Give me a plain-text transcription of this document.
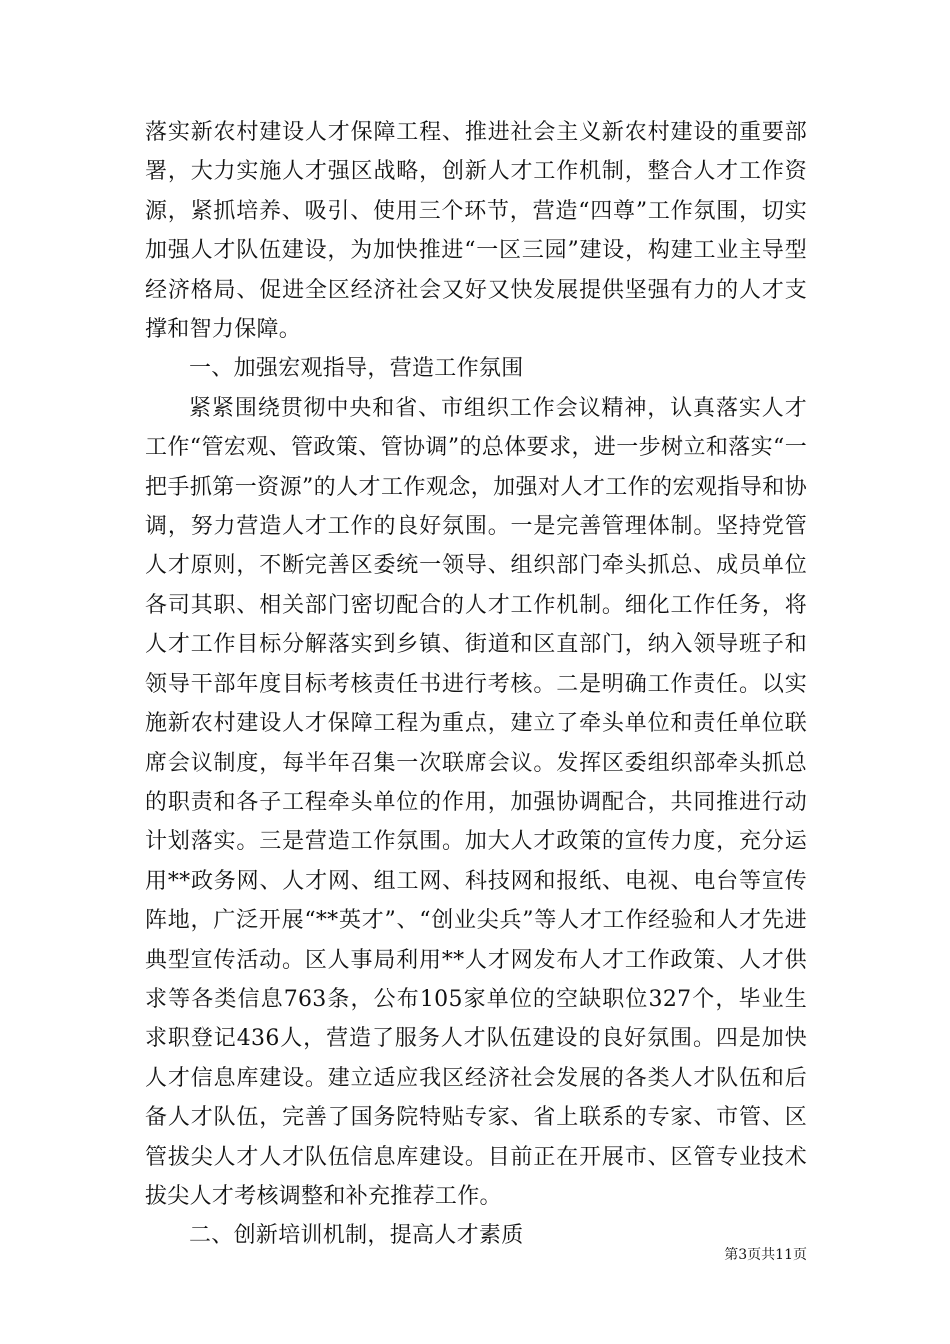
落实新农村建设人才保障工程、推进社会主义新农村建设的重要部署，大力实施人才强区战略，创新人才工作机制，整合人才工作资源，紧抓培养、吸引、使用三个环节，营造“四尊”工作氛围，切实加强人才队伍建设，为加快推进“一区三园”建设，构建工业主导型经济格局、促进全区经济社会又好又快发展提供坚强有力的人才支撑和智力保障。

一、加强宏观指导，营造工作氛围

紧紧围绕贯彻中央和省、市组织工作会议精神，认真落实人才工作“管宏观、管政策、管协调”的总体要求，进一步树立和落实“一把手抓第一资源”的人才工作观念，加强对人才工作的宏观指导和协调，努力营造人才工作的良好氛围。一是完善管理体制。坚持党管人才原则，不断完善区委统一领导、组织部门牵头抓总、成员单位各司其职、相关部门密切配合的人才工作机制。细化工作任务，将人才工作目标分解落实到乡镇、街道和区直部门，纳入领导班子和领导干部年度目标考核责任书进行考核。二是明确工作责任。以实施新农村建设人才保障工程为重点，建立了牵头单位和责任单位联席会议制度，每半年召集一次联席会议。发挥区委组织部牵头抓总的职责和各子工程牵头单位的作用，加强协调配合，共同推进行动计划落实。三是营造工作氛围。加大人才政策的宣传力度，充分运用**政务网、人才网、组工网、科技网和报纸、电视、电台等宣传阵地，广泛开展“**英才”、“创业尖兵”等人才工作经验和人才先进典型宣传活动。区人事局利用**人才网发布人才工作政策、人才供求等各类信息763条，公布105家单位的空缺职位327个，毕业生求职登记436人，营造了服务人才队伍建设的良好氛围。四是加快人才信息库建设。建立适应我区经济社会发展的各类人才队伍和后备人才队伍，完善了国务院特贴专家、省上联系的专家、市管、区管拔尖人才人才队伍信息库建设。目前正在开展市、区管专业技术拔尖人才考核调整和补充推荐工作。

二、创新培训机制，提高人才素质

第3页共11页
